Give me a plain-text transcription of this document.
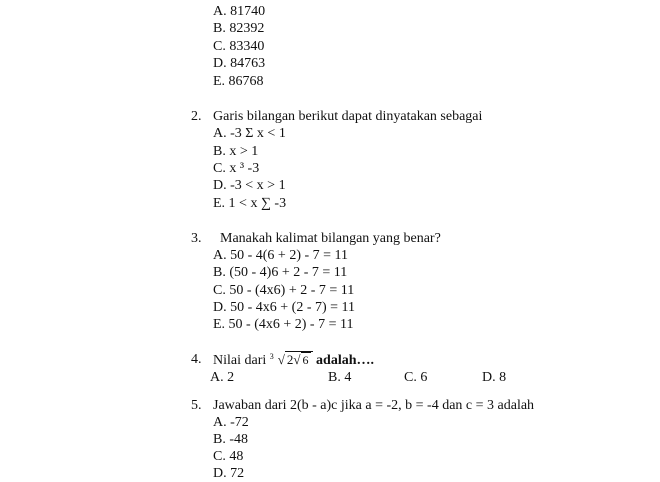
A. 81740
B. 82392
C. 83340
D. 84763
E. 86768
2. Garis bilangan berikut dapat dinyatakan sebagai
A. -3 Σ x < 1
B. x > 1
C. x ³ -3
D. -3 < x > 1
E. 1 < x ∑ -3
3. Manakah kalimat bilangan yang benar?
A. 50 - 4(6 + 2) - 7 = 11
B. (50 - 4)6 + 2 - 7 = 11
C. 50 - (4x6) + 2 - 7 = 11
D. 50 - 4x6 + (2 - 7) = 11
E. 50 - (4x6 + 2) - 7 = 11
4. Nilai dari 3 √ 2√ 6 adalah….
A. 2	B. 4	C. 6	D. 8
5. Jawaban dari 2(b - a)c jika a = -2, b = -4 dan c = 3 adalah
A. -72
B. -48
C. 48
D. 72
